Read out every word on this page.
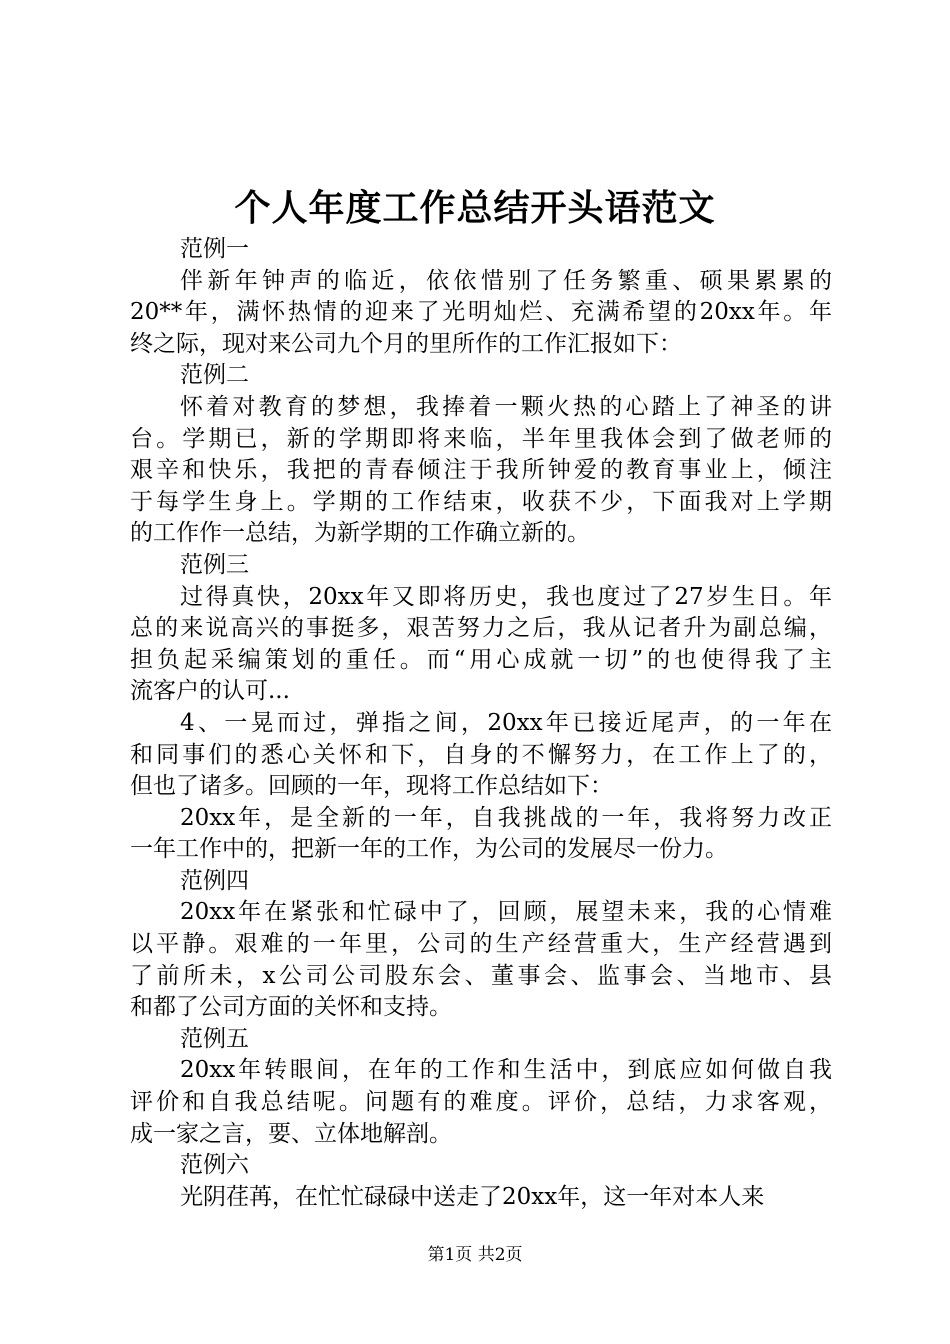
个人年度工作总结开头语范文
范例一
伴新年钟声的临近，依依惜别了任务繁重、硕果累累的
20**年，满怀热情的迎来了光明灿烂、充满希望的20xx年。年
终之际，现对来公司九个月的里所作的工作汇报如下：
范例二
怀着对教育的梦想，我捧着一颗火热的心踏上了神圣的讲
台。学期已，新的学期即将来临，半年里我体会到了做老师的
艰辛和快乐，我把的青春倾注于我所钟爱的教育事业上，倾注
于每学生身上。学期的工作结束，收获不少，下面我对上学期
的工作作一总结，为新学期的工作确立新的。
范例三
过得真快，20xx年又即将历史，我也度过了27岁生日。年
总的来说高兴的事挺多，艰苦努力之后，我从记者升为副总编，
担负起采编策划的重任。而“用心成就一切”的也使得我了主
流客户的认可...
4、一晃而过，弹指之间，20xx年已接近尾声，的一年在
和同事们的悉心关怀和下，自身的不懈努力，在工作上了的，
但也了诸多。回顾的一年，现将工作总结如下：
20xx年，是全新的一年，自我挑战的一年，我将努力改正
一年工作中的，把新一年的工作，为公司的发展尽一份力。
范例四
20xx年在紧张和忙碌中了，回顾，展望未来，我的心情难
以平静。艰难的一年里，公司的生产经营重大，生产经营遇到
了前所未，x公司公司股东会、董事会、监事会、当地市、县
和都了公司方面的关怀和支持。
范例五
20xx年转眼间，在年的工作和生活中，到底应如何做自我
评价和自我总结呢。问题有的难度。评价，总结，力求客观，
成一家之言，要、立体地解剖。
范例六
光阴荏苒，在忙忙碌碌中送走了20xx年，这一年对本人来
第1页 共2页
